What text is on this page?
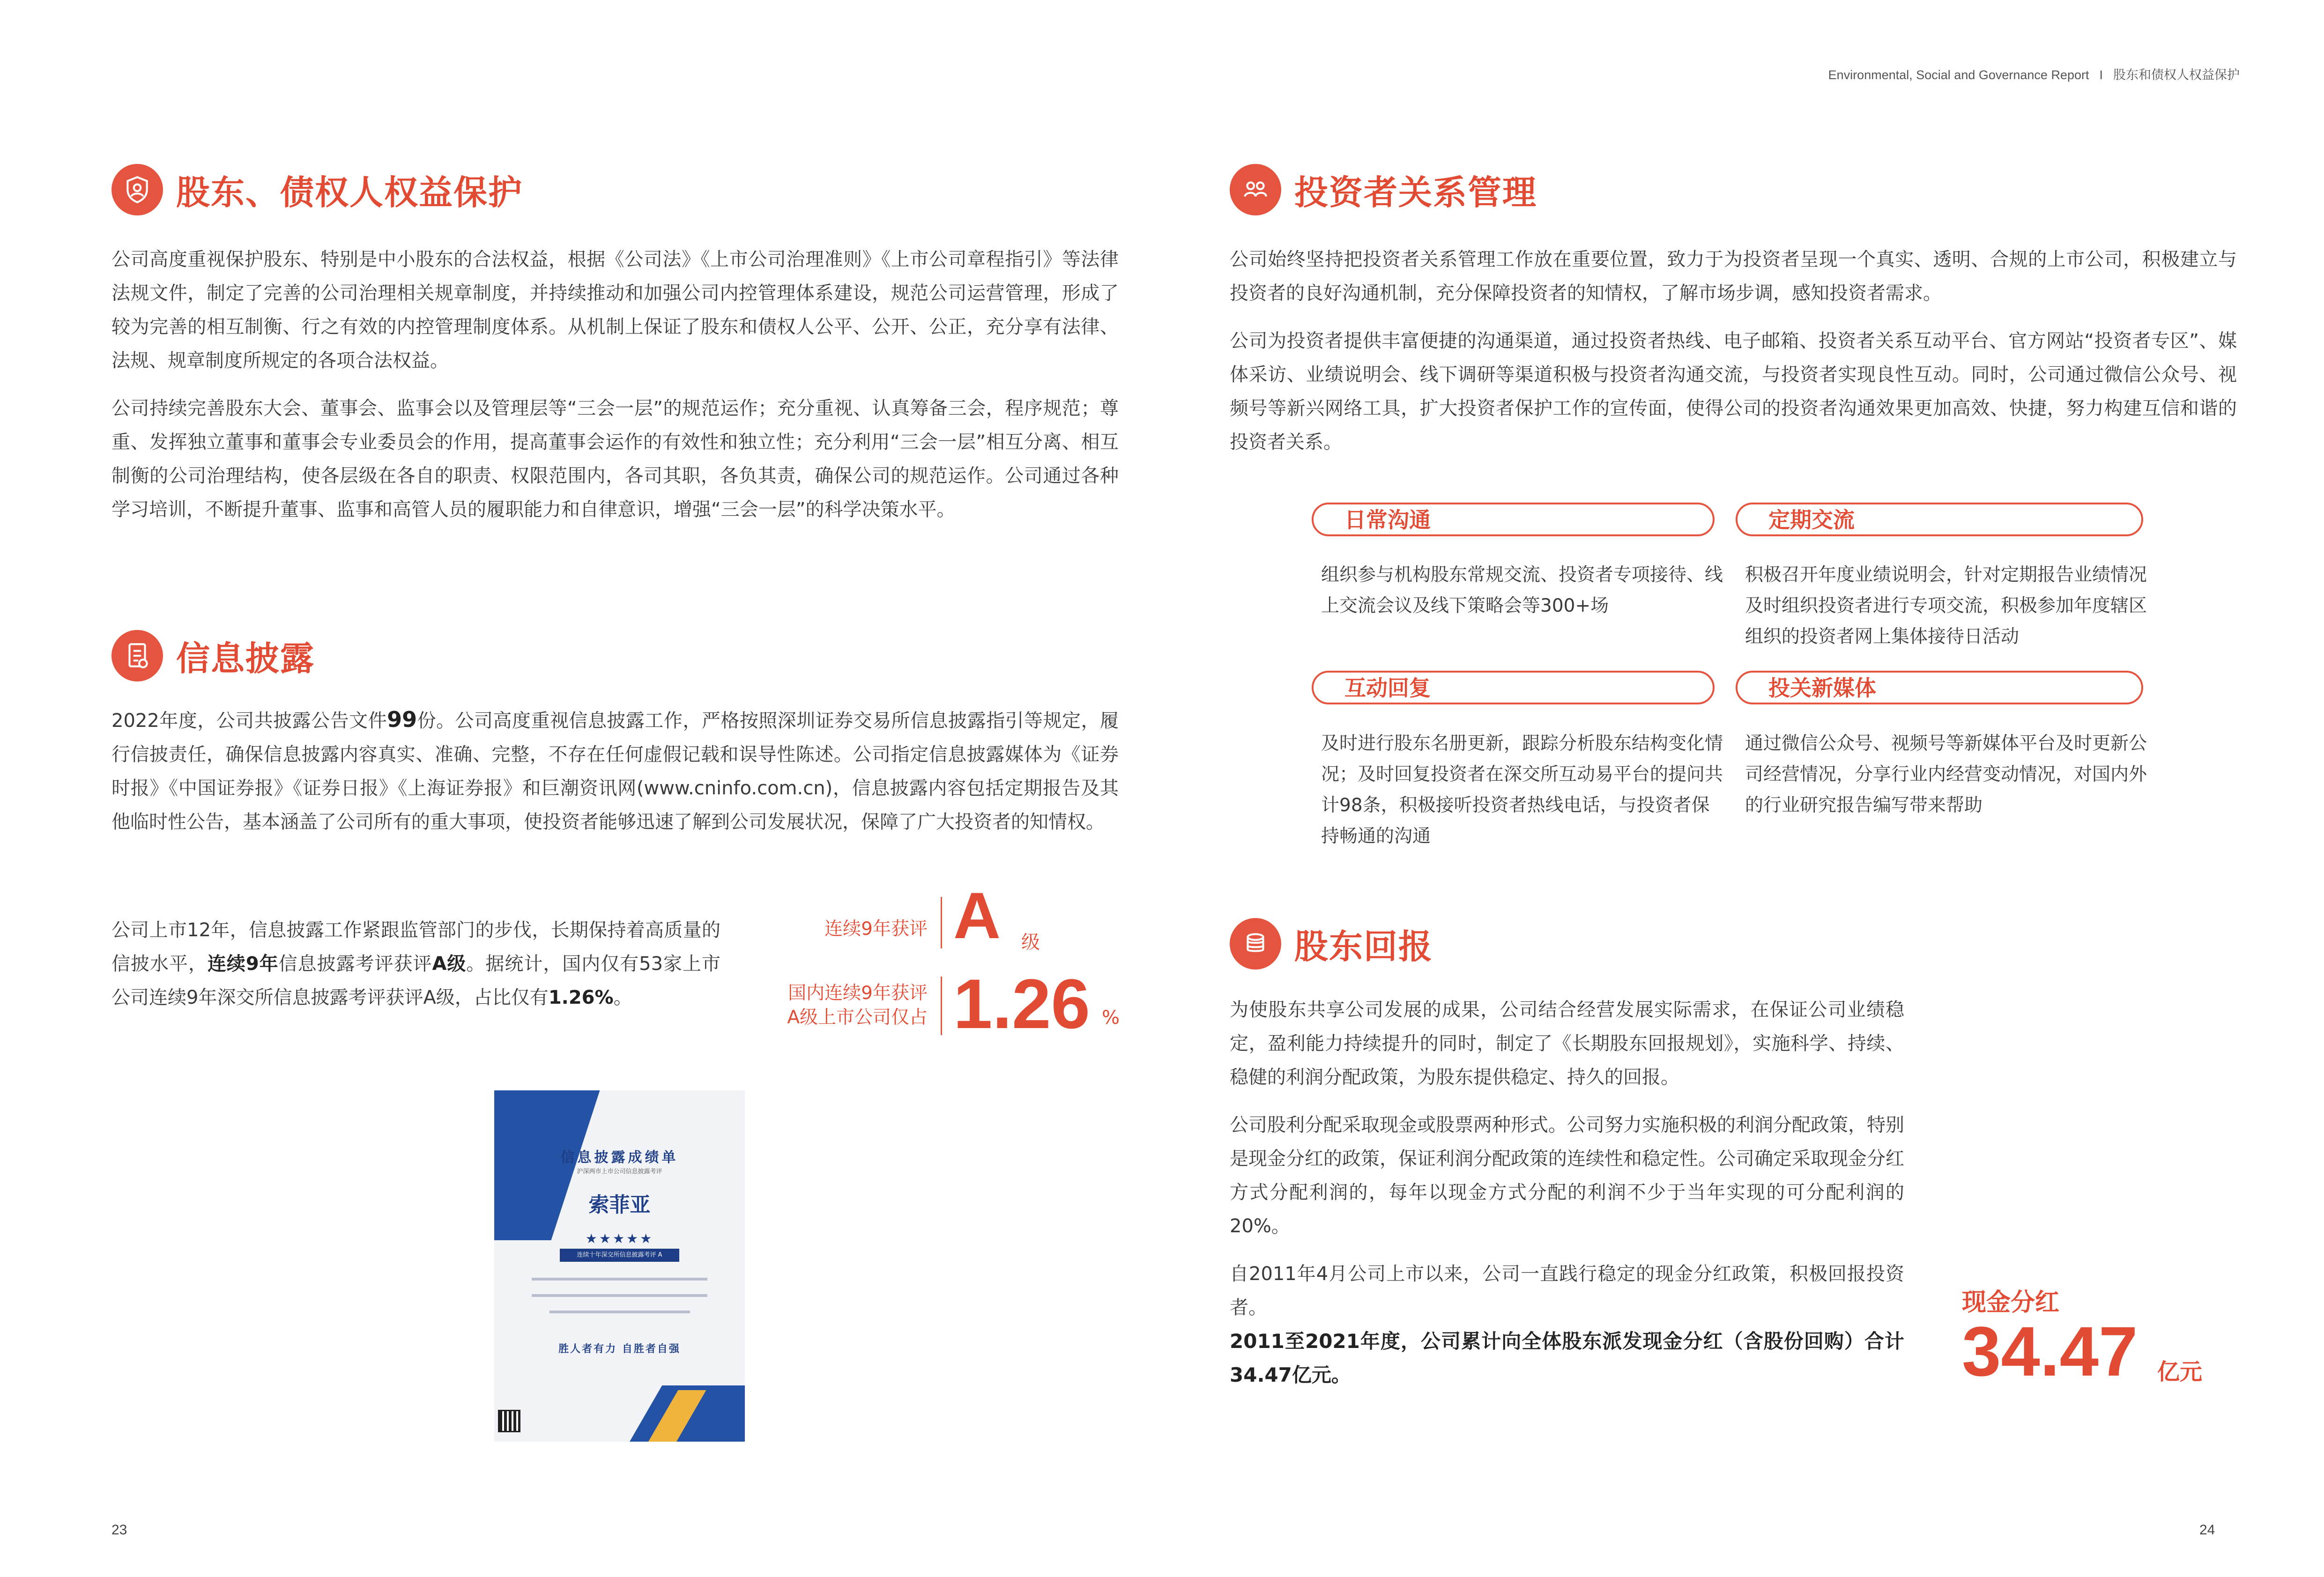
Environmental, Social and Governance Report I 股东和债权人权益保护
股东、债权人权益保护

公司高度重视保护股东、特别是中小股东的合法权益，根据《公司法》《上市公司治理准则》《上市公司章程指引》等法律法规文件，制定了完善的公司治理相关规章制度，并持续推动和加强公司内控管理体系建设，规范公司运营管理，形成了较为完善的相互制衡、行之有效的内控管理制度体系。从机制上保证了股东和债权人公平、公开、公正，充分享有法律、法规、规章制度所规定的各项合法权益。

公司持续完善股东大会、董事会、监事会以及管理层等“三会一层”的规范运作；充分重视、认真筹备三会，程序规范；尊重、发挥独立董事和董事会专业委员会的作用，提高董事会运作的有效性和独立性；充分利用“三会一层”相互分离、相互制衡的公司治理结构，使各层级在各自的职责、权限范围内，各司其职，各负其责，确保公司的规范运作。公司通过各种学习培训，不断提升董事、监事和高管人员的履职能力和自律意识，增强“三会一层”的科学决策水平。

信息披露

2022年度，公司共披露公告文件99份。公司高度重视信息披露工作，严格按照深圳证券交易所信息披露指引等规定，履行信披责任，确保信息披露内容真实、准确、完整，不存在任何虚假记载和误导性陈述。公司指定信息披露媒体为《证券时报》《中国证券报》《证券日报》《上海证券报》和巨潮资讯网(www.cninfo.com.cn)，信息披露内容包括定期报告及其他临时性公告，基本涵盖了公司所有的重大事项，使投资者能够迅速了解到公司发展状况，保障了广大投资者的知情权。

公司上市12年，信息披露工作紧跟监管部门的步伐，长期保持着高质量的信披水平，连续9年信息披露考评获评A级。据统计，国内仅有53家上市公司连续9年深交所信息披露考评获评A级，占比仅有1.26%。

连续9年获评 A 级
国内连续9年获评
A级上市公司仅占 1.26 %
信息披露成绩单
沪深两市上市公司信息披露考评
索菲亚
★★★★★
连续十年深交所信息披露考评 A
胜人者有力 自胜者自强
23
投资者关系管理

公司始终坚持把投资者关系管理工作放在重要位置，致力于为投资者呈现一个真实、透明、合规的上市公司，积极建立与投资者的良好沟通机制，充分保障投资者的知情权，了解市场步调，感知投资者需求。

公司为投资者提供丰富便捷的沟通渠道，通过投资者热线、电子邮箱、投资者关系互动平台、官方网站“投资者专区”、媒体采访、业绩说明会、线下调研等渠道积极与投资者沟通交流，与投资者实现良性互动。同时，公司通过微信公众号、视频号等新兴网络工具，扩大投资者保护工作的宣传面，使得公司的投资者沟通效果更加高效、快捷，努力构建互信和谐的投资者关系。

日常沟通
组织参与机构股东常规交流、投资者专项接待、线上交流会议及线下策略会等300+场
定期交流
积极召开年度业绩说明会，针对定期报告业绩情况及时组织投资者进行专项交流，积极参加年度辖区组织的投资者网上集体接待日活动
互动回复
及时进行股东名册更新，跟踪分析股东结构变化情况；及时回复投资者在深交所互动易平台的提问共计98条，积极接听投资者热线电话，与投资者保持畅通的沟通
投关新媒体
通过微信公众号、视频号等新媒体平台及时更新公司经营情况，分享行业内经营变动情况，对国内外的行业研究报告编写带来帮助
股东回报

为使股东共享公司发展的成果，公司结合经营发展实际需求，在保证公司业绩稳定，盈利能力持续提升的同时，制定了《长期股东回报规划》，实施科学、持续、稳健的利润分配政策，为股东提供稳定、持久的回报。

公司股利分配采取现金或股票两种形式。公司努力实施积极的利润分配政策，特别是现金分红的政策，保证利润分配政策的连续性和稳定性。公司确定采取现金分红方式分配利润的，每年以现金方式分配的利润不少于当年实现的可分配利润的20%。

自2011年4月公司上市以来，公司一直践行稳定的现金分红政策，积极回报投资者。

2011至2021年度，公司累计向全体股东派发现金分红（含股份回购）合计34.47亿元。

现金分红
34.47 亿元
24
